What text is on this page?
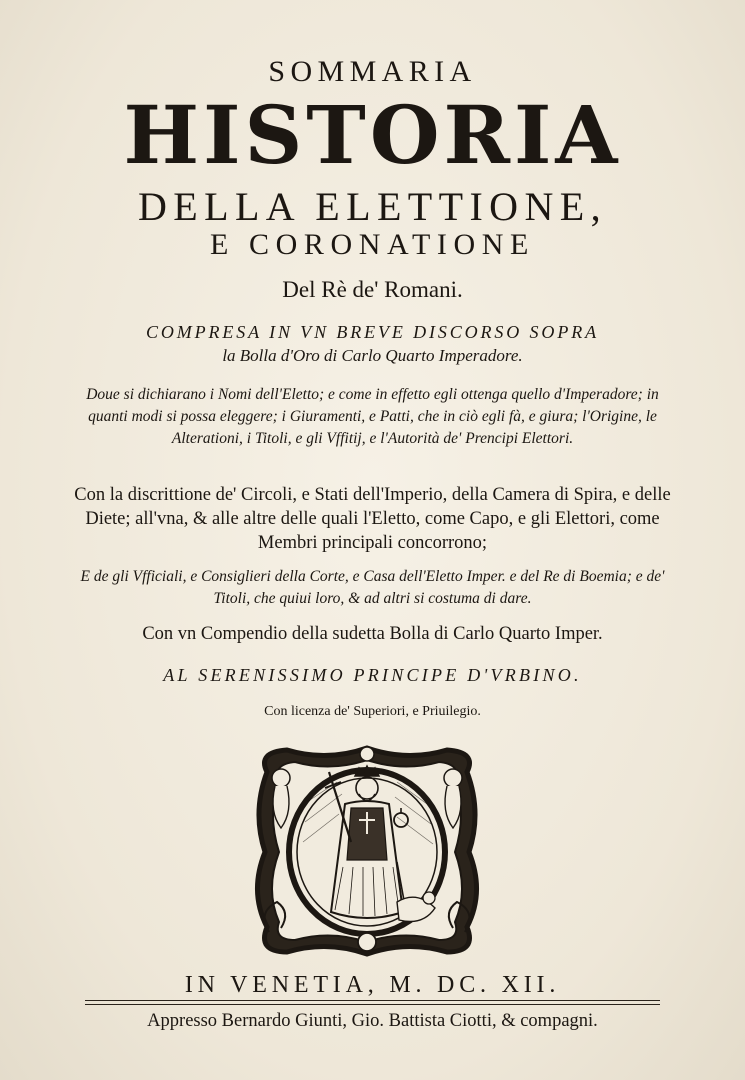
SOMMARIA
HISTORIA
DELLA ELETTIONE,
E CORONATIONE
Del Rè de' Romani.
COMPRESA IN VN BREVE DISCORSO SOPRA
la Bolla d'Oro di Carlo Quarto Imperadore.
Doue si dichiarano i Nomi dell'Eletto; e come in effetto egli ottenga quello d'Imperadore; in quanti modi si possa eleggere; i Giuramenti, e Patti, che in ciò egli fà, e giura; l'Origine, le Alterationi, i Titoli, e gli Vffitij, e l'Autorità de' Prencipi Elettori.
Con la discrittione de' Circoli, e Stati dell'Imperio, della Camera di Spira, e delle Diete; all'vna, & alle altre delle quali l'Eletto, come Capo, e gli Elettori, come Membri principali concorrono;
E de gli Vfficiali, e Consiglieri della Corte, e Casa dell'Eletto Imper. e del Re di Boemia; e de' Titoli, che quiui loro, & ad altri si costuma di dare.
Con vn Compendio della sudetta Bolla di Carlo Quarto Imper.
AL SERENISSIMO PRINCIPE D'VRBINO.
Con licenza de' Superiori, e Priuilegio.
IN VENETIA, M. DC. XII.
Appresso Bernardo Giunti, Gio. Battista Ciotti, & compagni.
